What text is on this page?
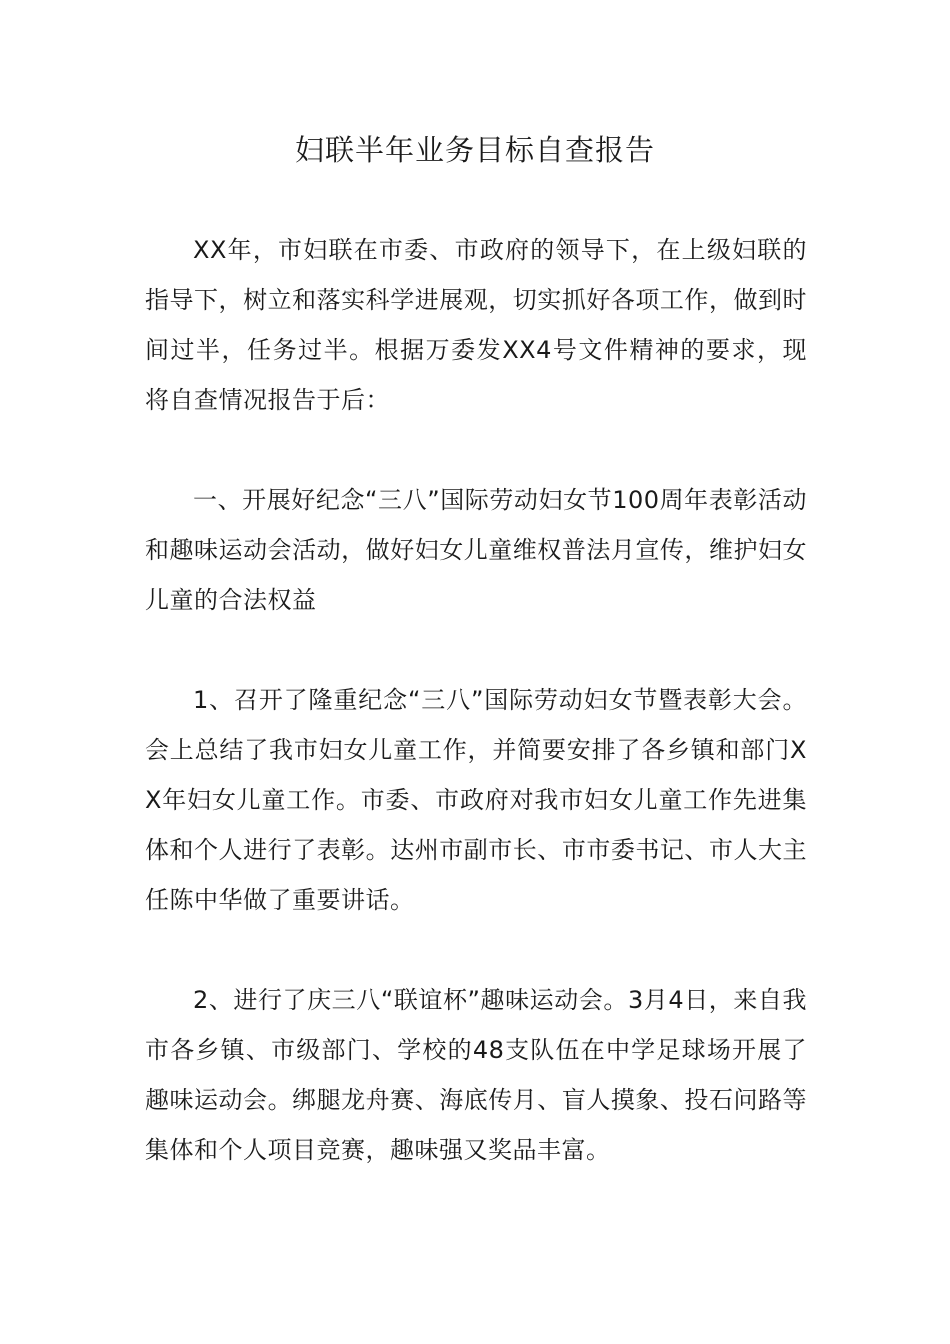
妇联半年业务目标自查报告

XX年，市妇联在市委、市政府的领导下，在上级妇联的指导下，树立和落实科学进展观，切实抓好各项工作，做到时间过半，任务过半。根据万委发XX4号文件精神的要求，现将自查情况报告于后：

一、开展好纪念“三八”国际劳动妇女节100周年表彰活动和趣味运动会活动，做好妇女儿童维权普法月宣传，维护妇女儿童的合法权益

1、召开了隆重纪念“三八”国际劳动妇女节暨表彰大会。会上总结了我市妇女儿童工作，并简要安排了各乡镇和部门XX年妇女儿童工作。市委、市政府对我市妇女儿童工作先进集体和个人进行了表彰。达州市副市长、市市委书记、市人大主任陈中华做了重要讲话。

2、进行了庆三八“联谊杯”趣味运动会。3月4日，来自我市各乡镇、市级部门、学校的48支队伍在中学足球场开展了趣味运动会。绑腿龙舟赛、海底传月、盲人摸象、投石问路等集体和个人项目竞赛，趣味强又奖品丰富。
